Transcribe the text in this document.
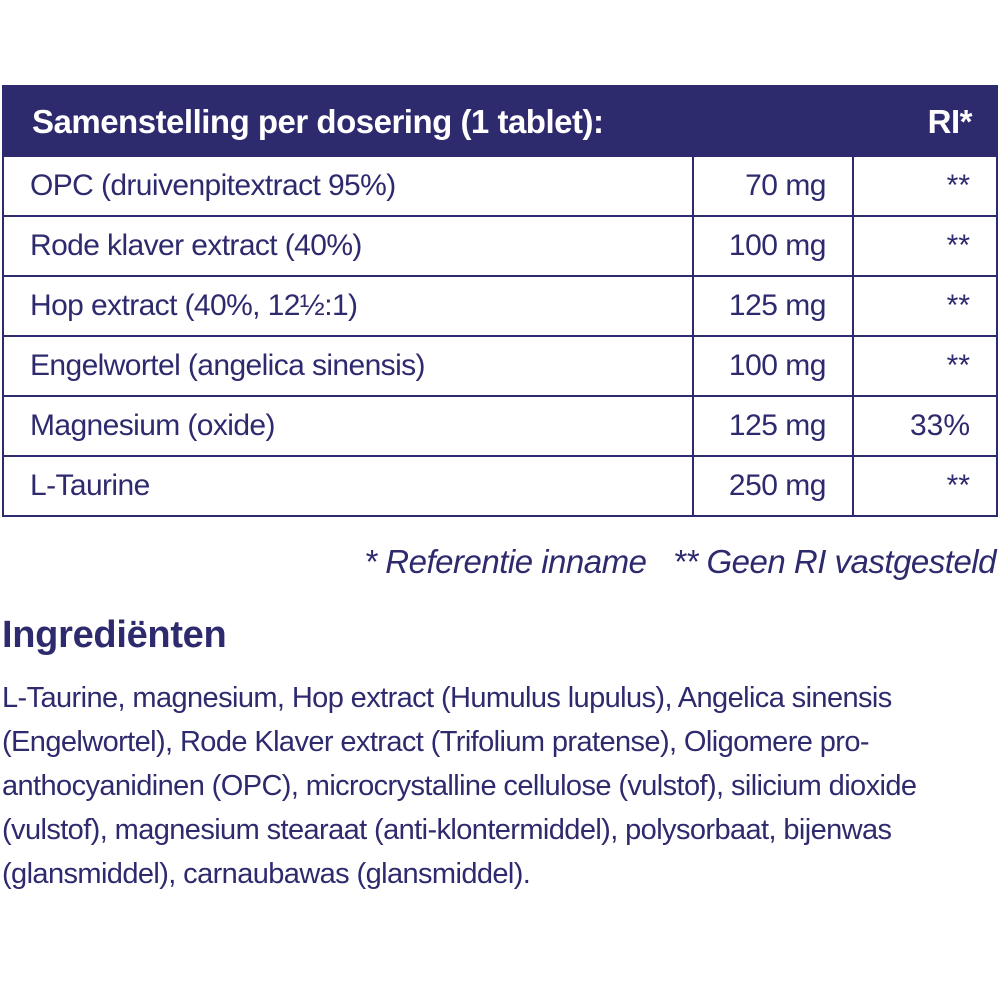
Samenstelling per dosering (1 tablet):	RI*
OPC (druivenpitextract 95%)	70 mg	**
Rode klaver extract (40%)	100 mg	**
Hop extract (40%, 12½:1)	125 mg	**
Engelwortel (angelica sinensis)	100 mg	**
Magnesium (oxide)	125 mg	33%
L-Taurine	250 mg	**
* Referentie inname ** Geen RI vastgesteld
Ingrediënten
L-Taurine, magnesium, Hop extract (Humulus lupulus), Angelica sinensis (Engelwortel), Rode Klaver extract (Trifolium pratense), Oligomere pro-anthocyanidinen (OPC), microcrystalline cellulose (vulstof), silicium dioxide (vulstof), magnesium stearaat (anti-klontermiddel), polysorbaat, bijenwas (glansmiddel), carnaubawas (glansmiddel).
